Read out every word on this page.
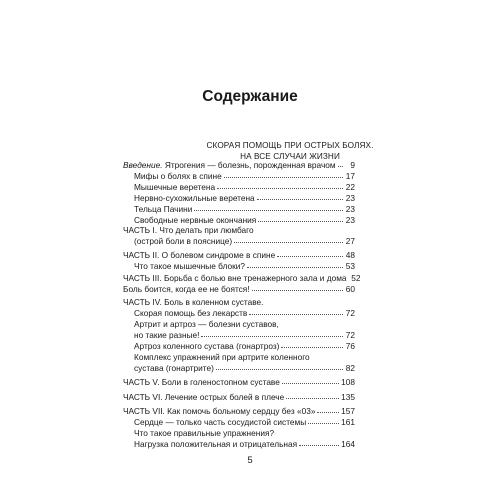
Содержание
СКОРАЯ ПОМОЩЬ ПРИ ОСТРЫХ БОЛЯХ.
НА ВСЕ СЛУЧАИ ЖИЗНИ
Введение. Ятрогения — болезнь, порожденная врачом	9
Мифы о болях в спине	17
Мышечные веретена	22
Нервно-сухожильные веретена	23
Тельца Пачини	23
Свободные нервные окончания	23
ЧАСТЬ I. Что делать при люмбаго
(острой боли в пояснице)	27
ЧАСТЬ II. О болевом синдроме в спине	48
Что такое мышечные блоки?	53
ЧАСТЬ III. Борьба с болью вне тренажерного зала и дома 52
Боль боится, когда ее не боятся!	60
ЧАСТЬ IV. Боль в коленном суставе.
Скорая помощь без лекарств	72
Артрит и артроз — болезни суставов,
но такие разные!	72
Артроз коленного сустава (гонартроз)	76
Комплекс упражнений при артрите коленного
сустава (гонартрите)	82
ЧАСТЬ V. Боли в голеностопном суставе	108
ЧАСТЬ VI. Лечение острых болей в плече	135
ЧАСТЬ VII. Как помочь больному сердцу без «03»	157
Сердце — только часть сосудистой системы	161
Что такое правильные упражнения?
Нагрузка положительная и отрицательная	164
5
